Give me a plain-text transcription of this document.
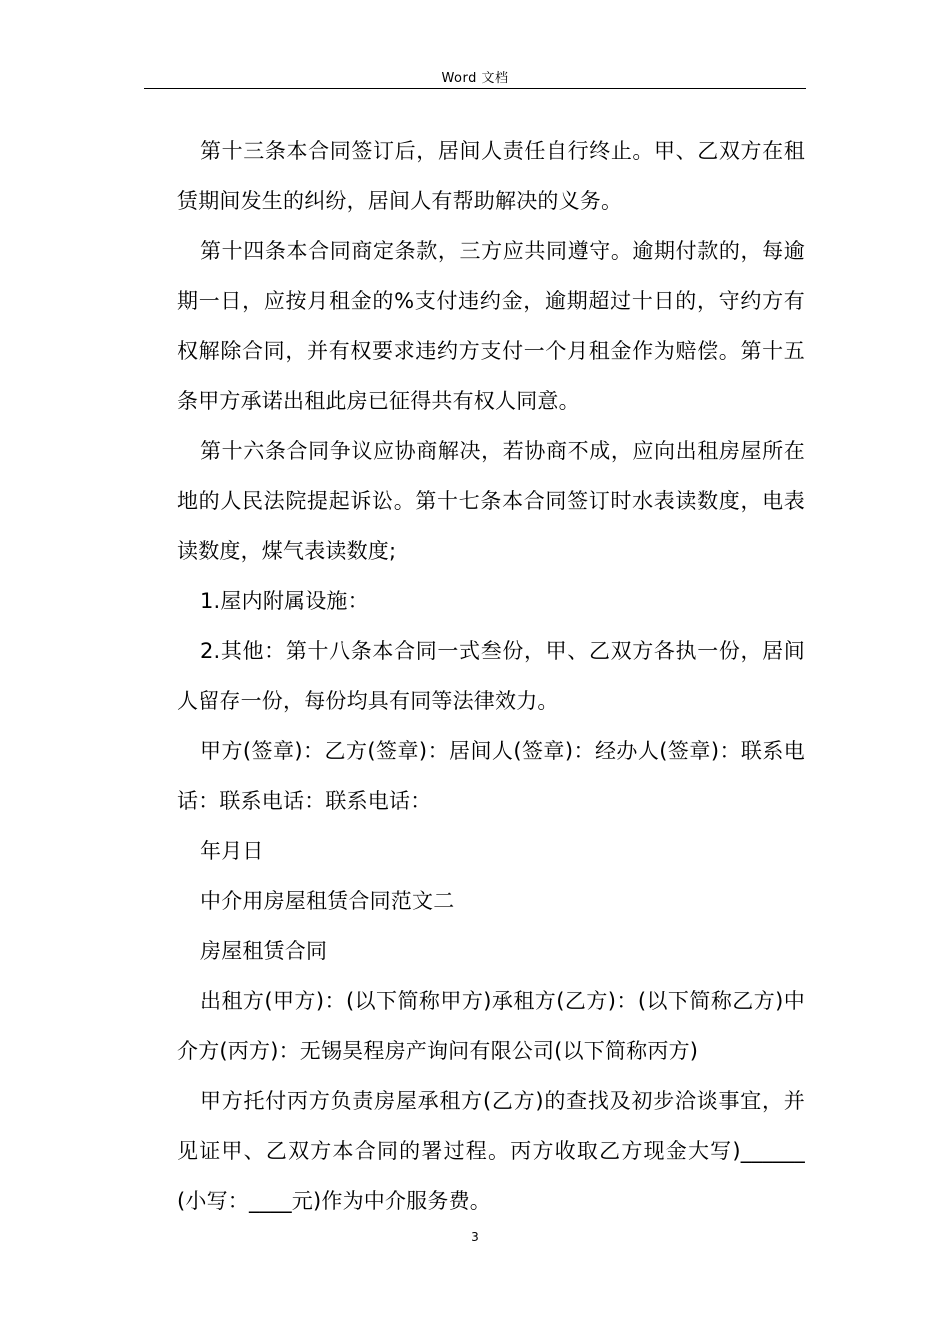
Word 文档

第十三条本合同签订后，居间人责任自行终止。甲、乙双方在租赁期间发生的纠纷，居间人有帮助解决的义务。

第十四条本合同商定条款，三方应共同遵守。逾期付款的，每逾期一日，应按月租金的%支付违约金，逾期超过十日的，守约方有权解除合同，并有权要求违约方支付一个月租金作为赔偿。第十五条甲方承诺出租此房已征得共有权人同意。

第十六条合同争议应协商解决，若协商不成，应向出租房屋所在地的人民法院提起诉讼。第十七条本合同签订时水表读数度，电表读数度，煤气表读数度;

1.屋内附属设施：

2.其他：第十八条本合同一式叁份，甲、乙双方各执一份，居间人留存一份，每份均具有同等法律效力。

甲方(签章)：乙方(签章)：居间人(签章)：经办人(签章)：联系电话：联系电话：联系电话：

年月日

中介用房屋租赁合同范文二

房屋租赁合同

出租方(甲方)：(以下简称甲方)承租方(乙方)：(以下简称乙方)中介方(丙方)：无锡昊程房产询问有限公司(以下简称丙方)

甲方托付丙方负责房屋承租方(乙方)的查找及初步洽谈事宜，并见证甲、乙双方本合同的署过程。丙方收取乙方现金大写)______(小写：____元)作为中介服务费。

3
